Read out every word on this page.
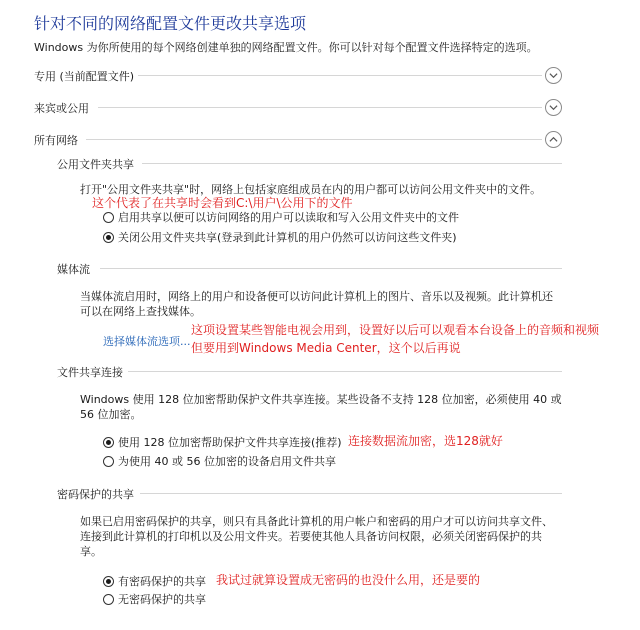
针对不同的网络配置文件更改共享选项
Windows 为你所使用的每个网络创建单独的网络配置文件。你可以针对每个配置文件选择特定的选项。
专用 (当前配置文件)
来宾或公用
所有网络
公用文件夹共享
打开"公用文件夹共享"时，网络上包括家庭组成员在内的用户都可以访问公用文件夹中的文件。
这个代表了在共享时会看到C:\用户\公用下的文件
启用共享以便可以访问网络的用户可以读取和写入公用文件夹中的文件
关闭公用文件夹共享(登录到此计算机的用户仍然可以访问这些文件夹)
媒体流
当媒体流启用时，网络上的用户和设备便可以访问此计算机上的图片、音乐以及视频。此计算机还
可以在网络上查找媒体。
选择媒体流选项...
这项设置某些智能电视会用到，设置好以后可以观看本台设备上的音频和视频
但要用到Windows Media Center，这个以后再说
文件共享连接
Windows 使用 128 位加密帮助保护文件共享连接。某些设备不支持 128 位加密，必须使用 40 或
56 位加密。
使用 128 位加密帮助保护文件共享连接(推荐) 连接数据流加密，选128就好
为使用 40 或 56 位加密的设备启用文件共享
密码保护的共享
如果已启用密码保护的共享，则只有具备此计算机的用户帐户和密码的用户才可以访问共享文件、
连接到此计算机的打印机以及公用文件夹。若要使其他人具备访问权限，必须关闭密码保护的共
享。
有密码保护的共享 我试过就算设置成无密码的也没什么用，还是要的
无密码保护的共享
